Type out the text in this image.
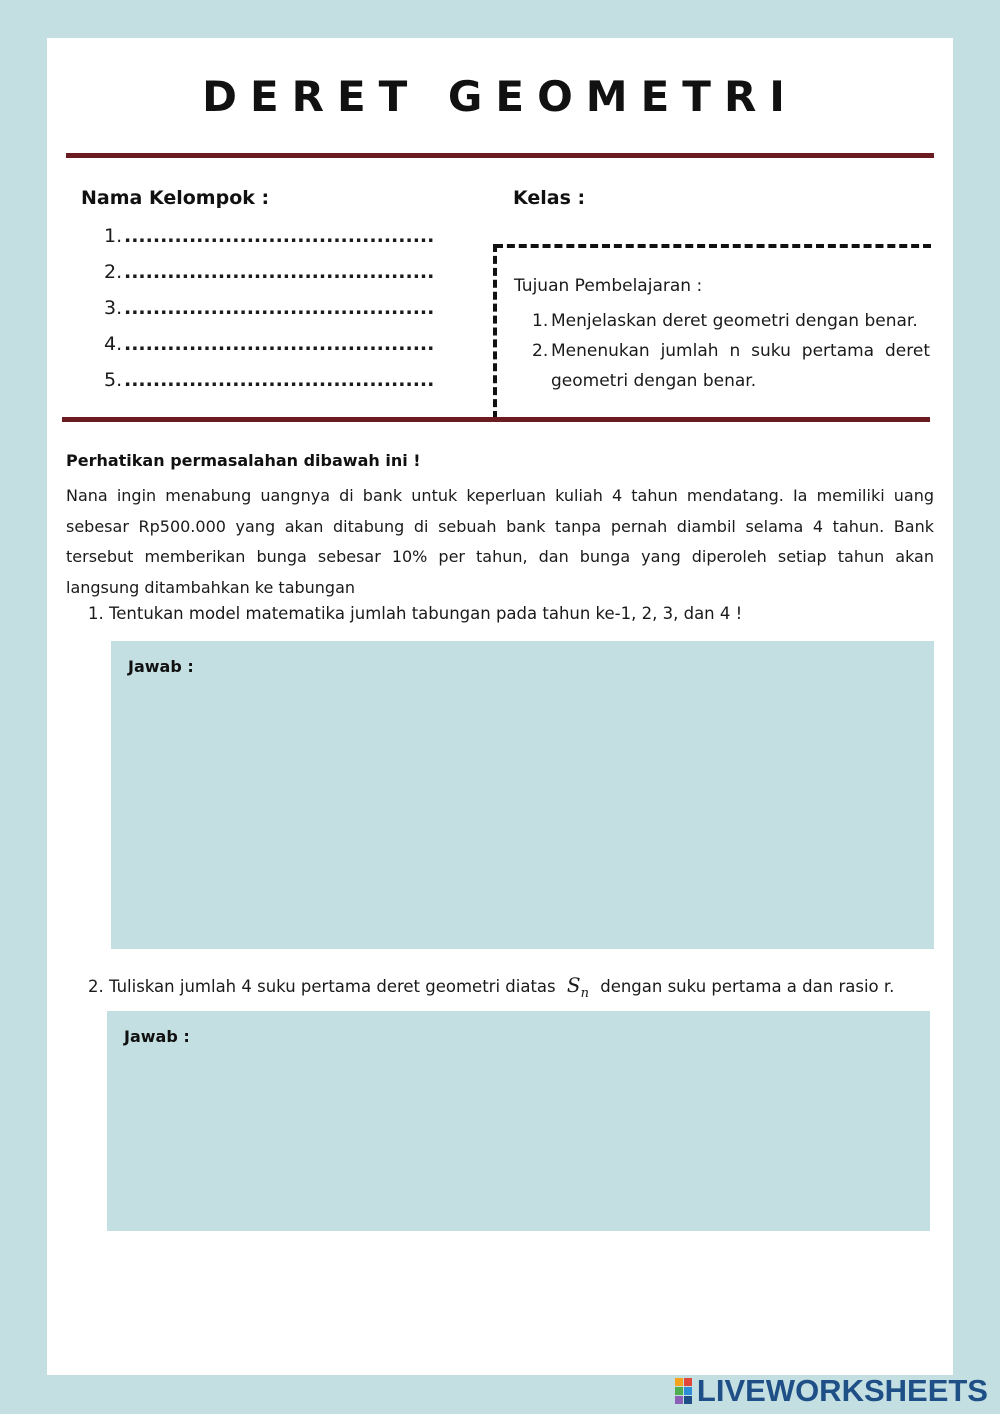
DERET GEOMETRI
Nama Kelompok :	Kelas :
1............................................
2............................................
3............................................
4............................................
5............................................
Tujuan Pembelajaran :
1. Menjelaskan deret geometri dengan benar.
2. Menenukan jumlah n suku pertama deret geometri dengan benar.
Perhatikan permasalahan dibawah ini !

Nana ingin menabung uangnya di bank untuk keperluan kuliah 4 tahun mendatang. Ia memiliki uang sebesar Rp500.000 yang akan ditabung di sebuah bank tanpa pernah diambil selama 4 tahun. Bank tersebut memberikan bunga sebesar 10% per tahun, dan bunga yang diperoleh setiap tahun akan langsung ditambahkan ke tabungan

1. Tentukan model matematika jumlah tabungan pada tahun ke-1, 2, 3, dan 4 !
Jawab :
2. Tuliskan jumlah 4 suku pertama deret geometri diatas $S_n$ dengan suku pertama a dan rasio r.
Jawab :
LIVEWORKSHEETS
